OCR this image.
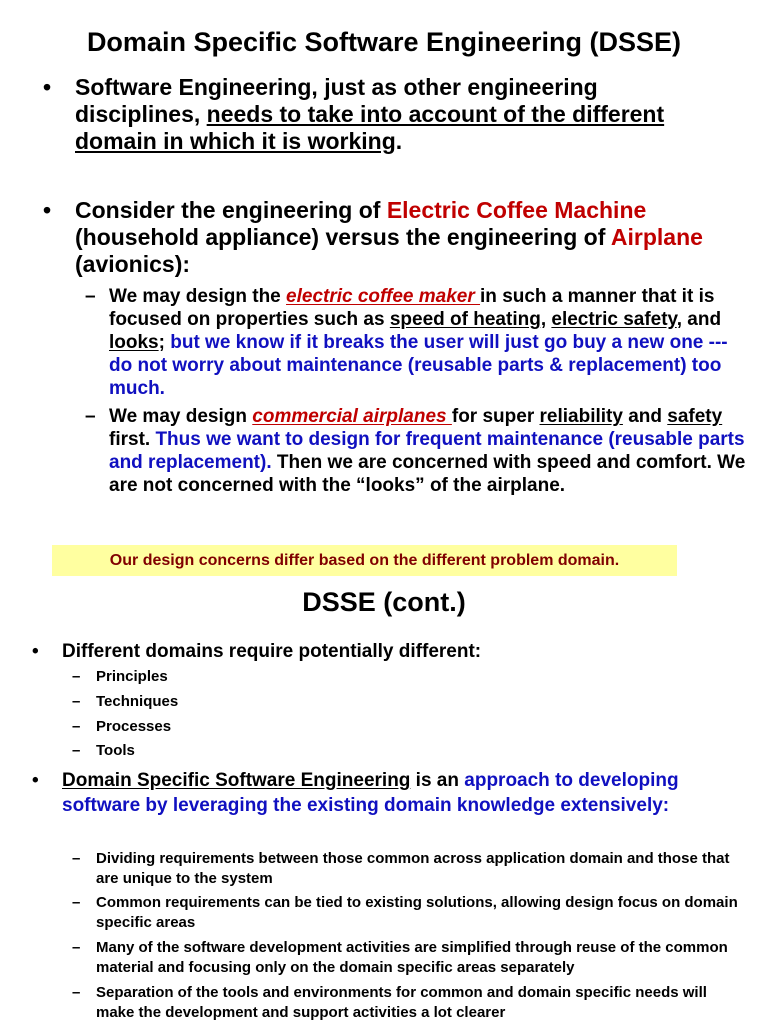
Domain Specific Software Engineering (DSSE)
• Software Engineering, just as other engineering disciplines, needs to take into account of the different domain in which it is working.
• Consider the engineering of Electric Coffee Machine (household appliance) versus the engineering of Airplane (avionics):
– We may design the electric coffee maker in such a manner that it is focused on properties such as speed of heating, electric safety, and looks; but we know if it breaks the user will just go buy a new one --- do not worry about maintenance (reusable parts & replacement) too much.
– We may design commercial airplanes for super reliability and safety first. Thus we want to design for frequent maintenance (reusable parts and replacement). Then we are concerned with speed and comfort. We are not concerned with the “looks” of the airplane.
Our design concerns differ based on the different problem domain.
DSSE (cont.)
• Different domains require potentially different:
– Principles
– Techniques
– Processes
– Tools
• Domain Specific Software Engineering is an approach to developing software by leveraging the existing domain knowledge extensively:
– Dividing requirements between those common across application domain and those that are unique to the system
– Common requirements can be tied to existing solutions, allowing design focus on domain specific areas
– Many of the software development activities are simplified through reuse of the common material and focusing only on the domain specific areas separately
– Separation of the tools and environments for common and domain specific needs will make the development and support activities a lot clearer
